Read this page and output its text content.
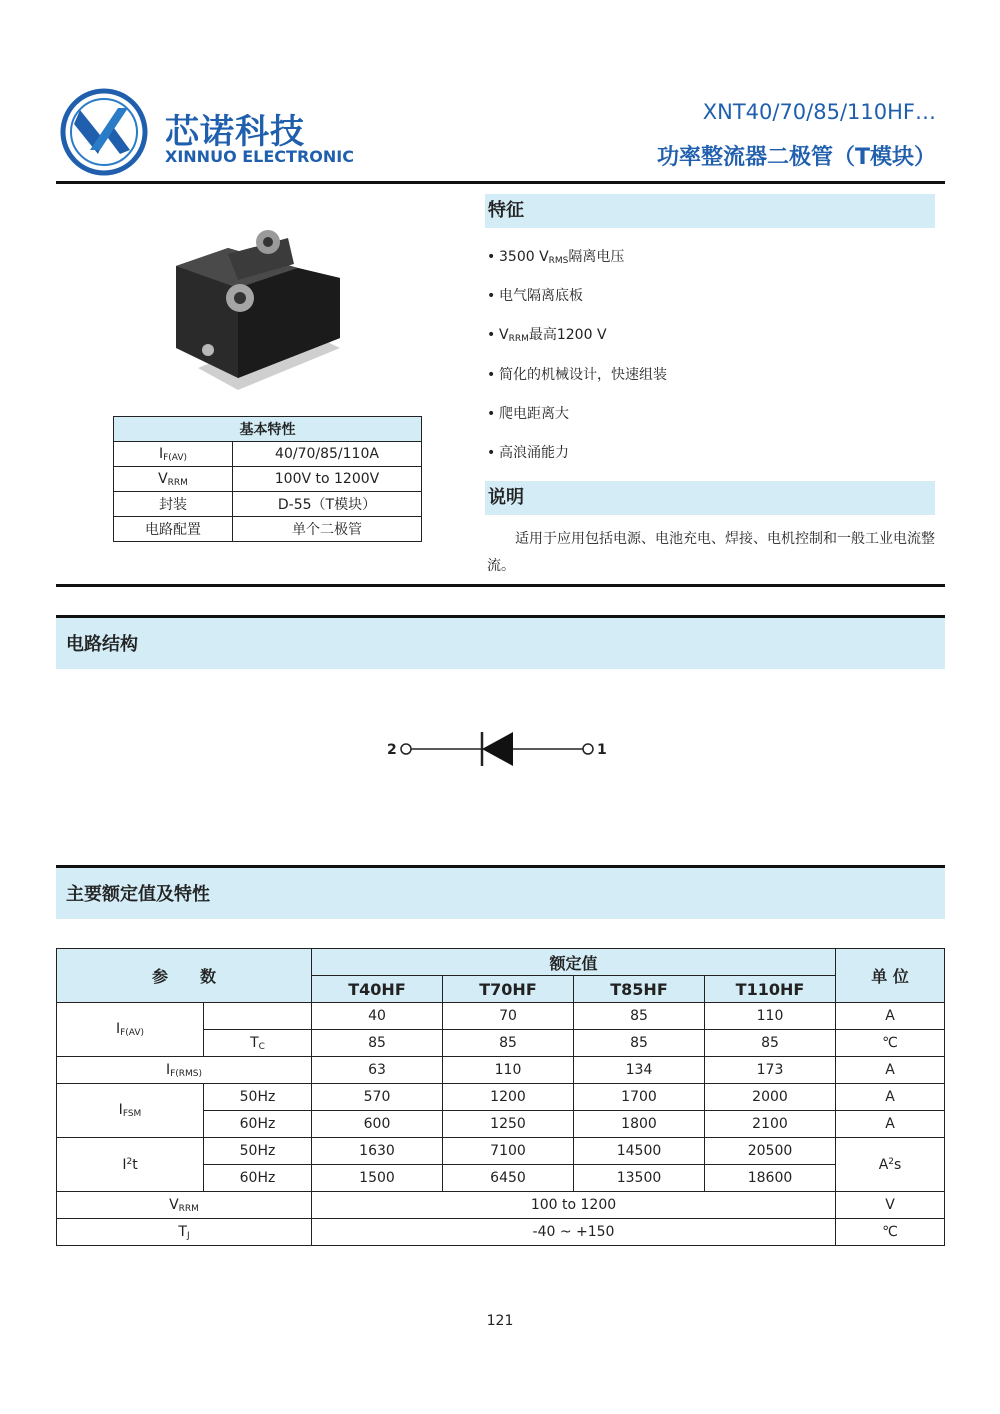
芯诺科技
XINNUO ELECTRONIC
XNT40/70/85/110HF…
功率整流器二极管（T模块）
基本特性	
$I_{F(AV)}$	40/70/85/110A
$V_{RRM}$	100V to 1200V
封装	D-55（T模块）
电路配置	单个二极管
特征
• 3500 $V_{RMS}$隔离电压
• 电气隔离底板
• $V_{RRM}$最高1200 V
• 简化的机械设计，快速组装
• 爬电距离大
• 高浪涌能力
说明
适用于应用包括电源、电池充电、焊接、电机控制和一般工业电流整流。
电路结构
2	1
主要额定值及特性
参　　数		额定值				单 位
		T40HF	T70HF	T85HF	T110HF	
$I_{F(AV)}$		40	70	85	110	A
	$T_C$	85	85	85	85	℃
$I_{F(RMS)}$		63	110	134	173	A
$I_{FSM}$	50Hz	570	1200	1700	2000	A
	60Hz	600	1250	1800	2100	A
$I^2t$	50Hz	1630	7100	14500	20500	$A^2s$
	60Hz	1500	6450	13500	18600	
$V_{RRM}$		100 to 1200				V
$T_J$		-40 ~ +150				℃
121
